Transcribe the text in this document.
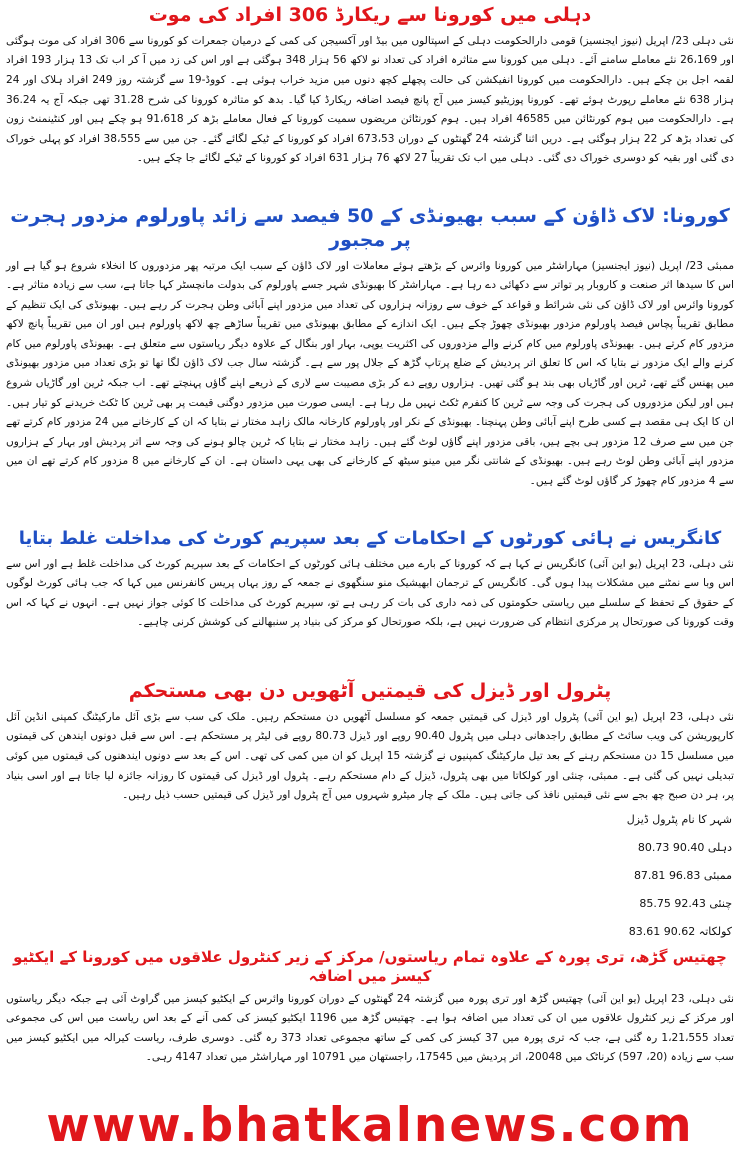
دہلی میں کورونا سے ریکارڈ 306 افراد کی موت

نئی دہلی 23/ اپریل (نیوز ایجنسیز) قومی دارالحکومت دہلی کے اسپتالوں میں بیڈ اور آکسیجن کی کمی کے درمیان جمعرات کو کورونا سے 306 افراد کی موت ہوگئی اور 26،169 نئے معاملے سامنے آئے۔ دہلی میں کورونا سے متاثرہ افراد کی تعداد نو لاکھ 56 ہزار 348 ہوگئی ہے اور اس کی زد میں آ کر اب تک 13 ہزار 193 افراد لقمہ اجل بن چکے ہیں۔ دارالحکومت میں کورونا انفیکشن کی حالت پچھلے کچھ دنوں میں مزید خراب ہوئی ہے۔ کووڈ-19 سے گزشتہ روز 249 افراد ہلاک اور 24 ہزار 638 نئے معاملے رپورٹ ہوئے تھے۔ کورونا پوزیٹیو کیسز میں آج پانچ فیصد اضافہ ریکارڈ کیا گیا۔ بدھ کو متاثرہ کورونا کی شرح 31.28 تھی جبکہ آج یہ 36.24 ہے۔ دارالحکومت میں ہوم کورنٹائن میں 46585 افراد ہیں۔ ہوم کورنٹائن مریضوں سمیت کورونا کے فعال معاملے بڑھ کر 91،618 ہو چکے ہیں اور کنٹینمنٹ زون کی تعداد بڑھ کر 22 ہزار ہوگئی ہے۔ دریں اثنا گزشتہ 24 گھنٹوں کے دوران 673،53 افراد کو کورونا کے ٹیکے لگائے گئے۔ جن میں سے 38،555 افراد کو پہلی خوراک دی گئی اور بقیہ کو دوسری خوراک دی گئی۔ دہلی میں اب تک تقریباً 27 لاکھ 76 ہزار 631 افراد کو کورونا کے ٹیکے لگائے جا چکے ہیں۔

کورونا: لاک ڈاؤن کے سبب بھیونڈی کے 50 فیصد سے زائد پاورلوم مزدور ہجرت پر مجبور

ممبئی 23/ اپریل (نیوز ایجنسیز) مہاراشٹر میں کورونا وائرس کے بڑھتے ہوئے معاملات اور لاک ڈاؤن کے سبب ایک مرتبہ پھر مزدوروں کا انخلاء شروع ہو گیا ہے اور اس کا سیدھا اثر صنعت و کاروبار پر تواتر سے دکھائی دے رہا ہے۔ مہاراشٹر کا بھیونڈی شہر جسے پاورلوم کی بدولت مانچسٹر کہا جاتا ہے، سب سے زیادہ متاثر ہے۔ کورونا وائرس اور لاک ڈاؤن کی نئی شرائط و قواعد کے خوف سے روزانہ ہزاروں کی تعداد میں مزدور اپنے آبائی وطن ہجرت کر رہے ہیں۔ بھیونڈی کی ایک تنظیم کے مطابق تقریباً پچاس فیصد پاورلوم مزدور بھیونڈی چھوڑ چکے ہیں۔ ایک اندازے کے مطابق بھیونڈی میں تقریباً ساڑھے چھ لاکھ پاورلوم ہیں اور ان میں تقریباً پانچ لاکھ مزدور کام کرتے ہیں۔ بھیونڈی پاورلوم میں کام کرنے والے مزدوروں کی اکثریت یوپی، بہار اور بنگال کے علاوہ دیگر ریاستوں سے متعلق ہے۔ بھیونڈی پاورلوم میں کام کرنے والے ایک مزدور نے بتایا کہ اس کا تعلق اتر پردیش کے ضلع پرتاپ گڑھ کے جلال پور سے ہے۔ گزشتہ سال جب لاک ڈاؤن لگا تھا تو بڑی تعداد میں مزدور بھیونڈی میں پھنس گئے تھے، ٹرین اور گاڑیاں بھی بند ہو گئی تھیں۔ ہزاروں روپے دے کر بڑی مصیبت سے لاری کے ذریعے اپنے گاؤں پہنچتے تھے۔ اب جبکہ ٹرین اور گاڑیاں شروع ہیں اور لیکن مزدوروں کی ہجرت کی وجہ سے ٹرین کا کنفرم ٹکٹ نہیں مل رہا ہے۔ ایسی صورت میں مزدور دوگنی قیمت پر بھی ٹرین کا ٹکٹ خریدنے کو تیار ہیں۔ ان کا ایک ہی مقصد ہے کسی طرح اپنے آبائی وطن پہنچنا۔ بھیونڈی کے نکر اور پاورلوم کارخانہ مالک زاہد مختار نے بتایا کہ ان کے کارخانے میں 24 مزدور کام کرتے تھے جن میں سے صرف 12 مزدور ہی بچے ہیں، باقی مزدور اپنے گاؤں لوٹ گئے ہیں۔ زاہد مختار نے بتایا کہ ٹرین چالو ہونے کی وجہ سے اتر پردیش اور بہار کے ہزاروں مزدور اپنے آبائی وطن لوٹ رہے ہیں۔ بھیونڈی کے شانتی نگر میں مینو سیٹھ کے کارخانے کی بھی یہی داستان ہے۔ ان کے کارخانے میں 8 مزدور کام کرتے تھے ان میں سے 4 مزدور کام چھوڑ کر گاؤں لوٹ گئے ہیں۔

کانگریس نے ہائی کورٹوں کے احکامات کے بعد سپریم کورٹ کی مداخلت غلط بتایا

نئی دہلی، 23 اپریل (یو این آئی) کانگریس نے کہا ہے کہ کورونا کے بارے میں مختلف ہائی کورٹوں کے احکامات کے بعد سپریم کورٹ کی مداخلت غلط ہے اور اس سے اس وبا سے نمٹنے میں مشکلات پیدا ہوں گی۔ کانگریس کے ترجمان ابھیشیک منو سنگھوی نے جمعہ کے روز یہاں پریس کانفرنس میں کہا کہ جب ہائی کورٹ لوگوں کے حقوق کے تحفظ کے سلسلے میں ریاستی حکومتوں کی ذمہ داری کی بات کر رہی ہے تو، سپریم کورٹ کی مداخلت کا کوئی جواز نہیں ہے۔ انہوں نے کہا کہ اس وقت کورونا کی صورتحال پر مرکزی انتظام کی ضرورت نہیں ہے، بلکہ صورتحال کو مرکز کی بنیاد پر سنبھالنے کی کوشش کرنی چاہیے۔

پٹرول اور ڈیزل کی قیمتیں آٹھویں دن بھی مستحکم

نئی دہلی، 23 اپریل (یو این آئی) پٹرول اور ڈیزل کی قیمتیں جمعہ کو مسلسل آٹھویں دن مستحکم رہیں۔ ملک کی سب سے بڑی آئل مارکیٹنگ کمپنی انڈین آئل کارپوریشن کی ویب سائٹ کے مطابق راجدھانی دہلی میں پٹرول 90.40 روپے اور ڈیزل 80.73 روپے فی لیٹر پر مستحکم ہے۔ اس سے قبل دونوں ایندھن کی قیمتوں میں مسلسل 15 دن مستحکم رہنے کے بعد تیل مارکیٹنگ کمپنیوں نے گزشتہ 15 اپریل کو ان میں کمی کی تھی۔ اس کے بعد سے دونوں ایندھنوں کی قیمتوں میں کوئی تبدیلی نہیں کی گئی ہے۔ ممبئی، چنئی اور کولکاتا میں بھی پٹرول، ڈیزل کے دام مستحکم رہے۔ پٹرول اور ڈیزل کی قیمتوں کا روزانہ جائزہ لیا جاتا ہے اور اسی بنیاد پر، ہر دن صبح چھ بجے سے نئی قیمتیں نافذ کی جاتی ہیں۔ ملک کے چار میٹرو شہروں میں آج پٹرول اور ڈیزل کی قیمتیں حسب ذیل رہیں۔

شہر کا نام پٹرول ڈیزل
دہلی 90.40 80.73
ممبئی 96.83 87.81
چنئی 92.43 85.75
کولکاتہ 90.62 83.61
چھتیس گڑھ، تری پورہ کے علاوہ تمام ریاستوں/ مرکز کے زیر کنٹرول علاقوں میں کورونا کے ایکٹیو کیسز میں اضافہ

نئی دہلی، 23 اپریل (یو این آئی) چھتیس گڑھ اور تری پورہ میں گزشتہ 24 گھنٹوں کے دوران کورونا وائرس کے ایکٹیو کیسز میں گراوٹ آئی ہے جبکہ دیگر ریاستوں اور مرکز کے زیر کنٹرول علاقوں میں ان کی تعداد میں اضافہ ہوا ہے۔ چھتیس گڑھ میں 1196 ایکٹیو کیسز کی کمی آنے کے بعد اس ریاست میں اس کی مجموعی تعداد 1،21،555 رہ گئی ہے، جب کہ تری پورہ میں 37 کیسز کی کمی کے ساتھ مجموعی تعداد 373 رہ گئی۔ دوسری طرف، ریاست کیرالہ میں ایکٹیو کیسز میں سب سے زیادہ (20، 597) کرناٹک میں 20048، اتر پردیش میں 17545، راجستھان میں 10791 اور مہاراشٹر میں تعداد 4147 رہی۔

www.bhatkalnews.com
